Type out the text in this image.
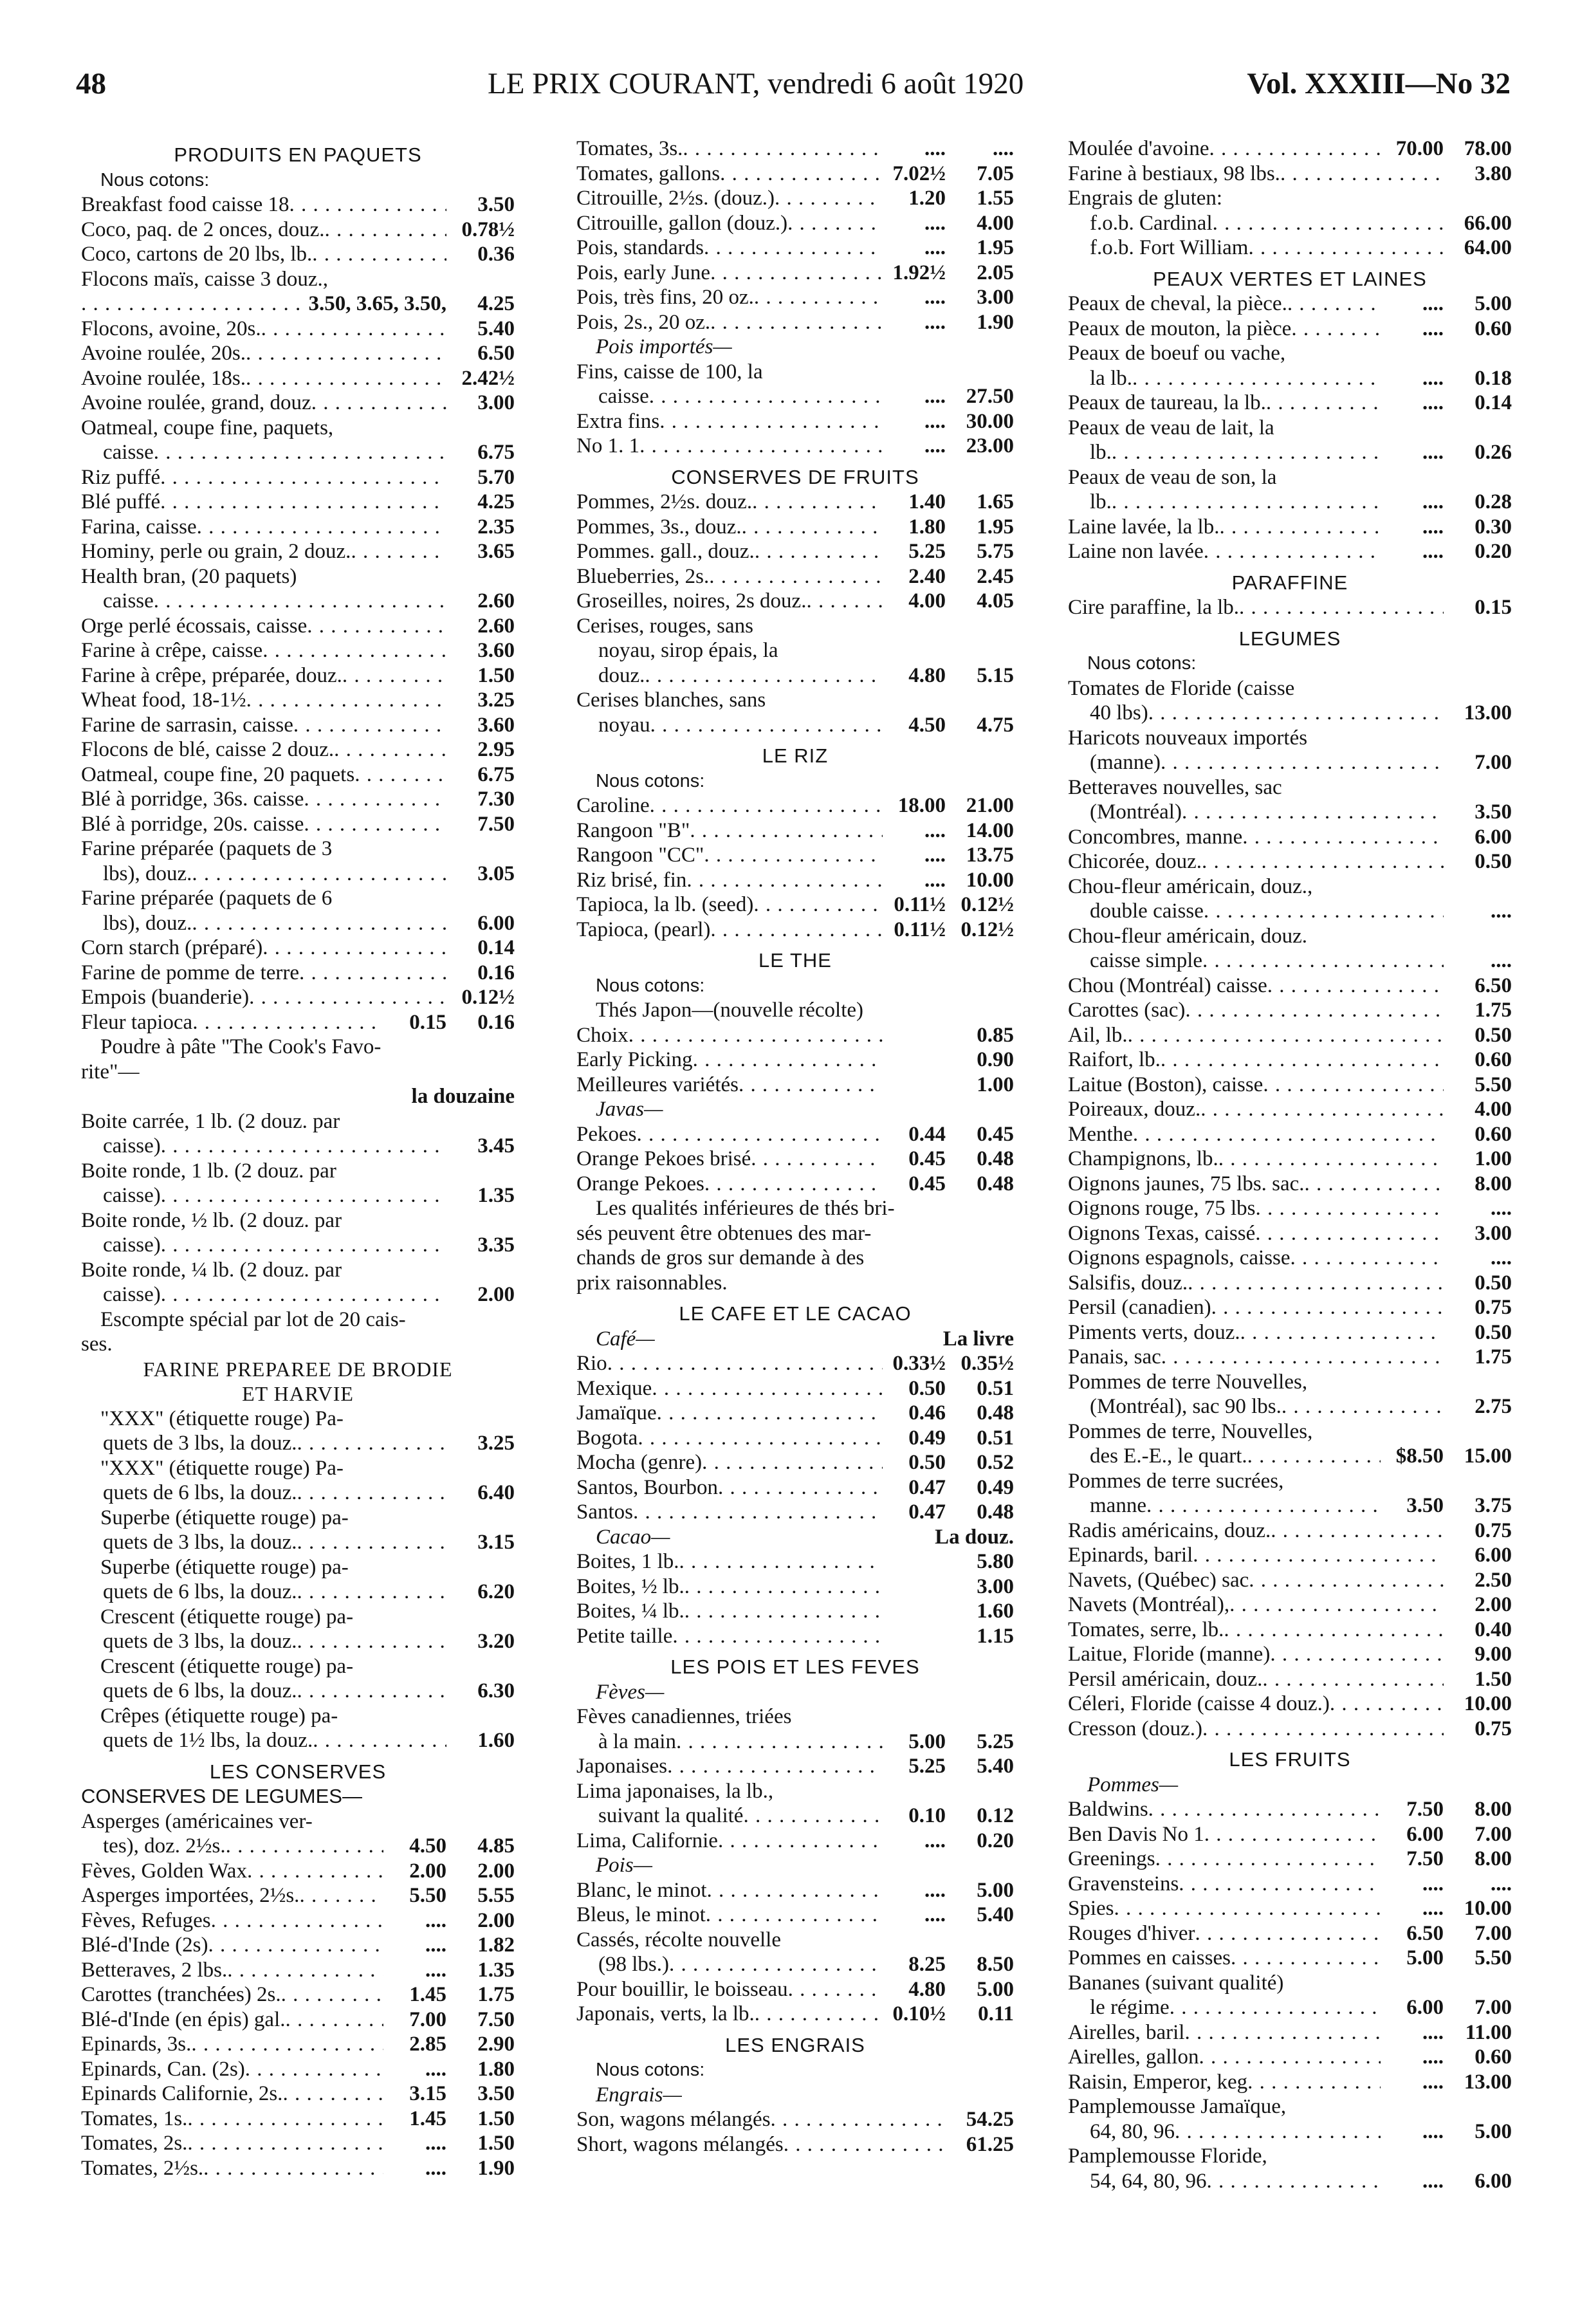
48	LE PRIX COURANT, vendredi 6 août 1920	Vol. XXXIII—No 32
PRODUITS EN PAQUETS
Nous cotons:
Breakfast food caisse 18 . . .	3.50
Coco, paq. de 2 onces, douz. . . .	0.78½
Coco, cartons de 20 lbs, lb. . . .	0.36
Flocons maïs, caisse 3 douz.,
. . .
3.50, 3.65, 3.50,	4.25
Flocons, avoine, 20s. . . .	5.40
Avoine roulée, 20s. . . .	6.50
Avoine roulée, 18s. . . .	2.42½
Avoine roulée, grand, douz . . .	3.00
Oatmeal, coupe fine, paquets,
caisse . . .	6.75
Riz puffé . . .	5.70
Blé puffé . . .	4.25
Farina, caisse . . .	2.35
Hominy, perle ou grain, 2 douz. . . .	3.65
Health bran, (20 paquets)
caisse . . .	2.60
Orge perlé écossais, caisse . . .	2.60
Farine à crêpe, caisse . . .	3.60
Farine à crêpe, préparée, douz. . . .	1.50
Wheat food, 18-1½ . . .	3.25
Farine de sarrasin, caisse . . .	3.60
Flocons de blé, caisse 2 douz. . . .	2.95
Oatmeal, coupe fine, 20 paquets . . .	6.75
Blé à porridge, 36s. caisse . . .	7.30
Blé à porridge, 20s. caisse . . .	7.50
Farine préparée (paquets de 3
lbs), douz. . . .	3.05
Farine préparée (paquets de 6
lbs), douz. . . .	6.00
Corn starch (préparé) . . .	0.14
Farine de pomme de terre . . .	0.16
Empois (buanderie) . . .	0.12½
Fleur tapioca . . .	0.15	0.16
Poudre à pâte "The Cook's Favo-
rite"—
la douzaine
Boite carrée, 1 lb. (2 douz. par
caisse) . . .	3.45
Boite ronde, 1 lb. (2 douz. par
caisse) . . .	1.35
Boite ronde, ½ lb. (2 douz. par
caisse) . . .	3.35
Boite ronde, ¼ lb. (2 douz. par
caisse) . . .	2.00
Escompte spécial par lot de 20 cais-
ses.
FARINE PREPAREE DE BRODIE
ET HARVIE
"XXX" (étiquette rouge) Pa-
quets de 3 lbs, la douz. . . .	3.25
"XXX" (étiquette rouge) Pa-
quets de 6 lbs, la douz. . . .	6.40
Superbe (étiquette rouge) pa-
quets de 3 lbs, la douz. . . .	3.15
Superbe (étiquette rouge) pa-
quets de 6 lbs, la douz. . . .	6.20
Crescent (étiquette rouge) pa-
quets de 3 lbs, la douz. . . .	3.20
Crescent (étiquette rouge) pa-
quets de 6 lbs, la douz. . . .	6.30
Crêpes (étiquette rouge) pa-
quets de 1½ lbs, la douz. . . .	1.60
LES CONSERVES
CONSERVES DE LEGUMES—
Asperges (américaines ver-
tes), doz. 2½s. . . .	4.50	4.85
Fèves, Golden Wax . . .	2.00	2.00
Asperges importées, 2½s. . . .	5.50	5.55
Fèves, Refuges . . .	....	2.00
Blé-d'Inde (2s) . . .	....	1.82
Betteraves, 2 lbs. . . .	....	1.35
Carottes (tranchées) 2s. . . .	1.45	1.75
Blé-d'Inde (en épis) gal. . . .	7.00	7.50
Epinards, 3s. . . .	2.85	2.90
Epinards, Can. (2s) . . .	....	1.80
Epinards Californie, 2s. . . .	3.15	3.50
Tomates, 1s. . . .	1.45	1.50
Tomates, 2s. . . .	....	1.50
Tomates, 2½s. . . .	....	1.90
Tomates, 3s. . . .	....	....
Tomates, gallons . . .	7.02½	7.05
Citrouille, 2½s. (douz.) . . .	1.20	1.55
Citrouille, gallon (douz.) . . .	....	4.00
Pois, standards . . .	....	1.95
Pois, early June . . .	1.92½	2.05
Pois, très fins, 20 oz. . . .	....	3.00
Pois, 2s., 20 oz. . . .	....	1.90
Pois importés—
Fins, caisse de 100, la
caisse . . .	.... 27.50
Extra fins . . .	.... 30.00
No 1. 1 . . .	.... 23.00
CONSERVES DE FRUITS
Pommes, 2½s. douz. . . .	1.40	1.65
Pommes, 3s., douz. . . .	1.80	1.95
Pommes. gall., douz. . . .	5.25	5.75
Blueberries, 2s. . . .	2.40	2.45
Groseilles, noires, 2s douz. . . .	4.00	4.05
Cerises, rouges, sans
noyau, sirop épais, la
douz. . . .	4.80	5.15
Cerises blanches, sans
noyau . . .	4.50	4.75
LE RIZ
Nous cotons:
Caroline . . .	18.00 21.00
Rangoon "B" . . .	.... 14.00
Rangoon "CC" . . .	.... 13.75
Riz brisé, fin . . .	.... 10.00
Tapioca, la lb. (seed) . . .	0.11½ 0.12½
Tapioca, (pearl) . . .	0.11½ 0.12½
LE THE
Nous cotons:
Thés Japon—(nouvelle récolte)
Choix . . .	0.85
Early Picking . . .	0.90
Meilleures variétés . . .	1.00
Javas—
Pekoes . . .	0.44	0.45
Orange Pekoes brisé . . .	0.45	0.48
Orange Pekoes . . .	0.45	0.48
Les qualités inférieures de thés bri-
sés peuvent être obtenues des mar-
chands de gros sur demande à des
prix raisonnables.
LE CAFE ET LE CACAO
Café—	La livre
Rio . . .	0.33½ 0.35½
Mexique . . .	0.50	0.51
Jamaïque . . .	0.46	0.48
Bogota . . .	0.49	0.51
Mocha (genre) . . .	0.50	0.52
Santos, Bourbon . . .	0.47	0.49
Santos . . .	0.47	0.48
Cacao—	La douz.
Boites, 1 lb. . . .	5.80
Boites, ½ lb. . . .	3.00
Boites, ¼ lb. . . .	1.60
Petite taille . . .	1.15
LES POIS ET LES FEVES
Fèves—
Fèves canadiennes, triées
à la main . . .	5.00	5.25
Japonaises . . .	5.25	5.40
Lima japonaises, la lb.,
suivant la qualité . . .	0.10	0.12
Lima, Californie . . .	....	0.20
Pois—
Blanc, le minot . . .	....	5.00
Bleus, le minot . . .	....	5.40
Cassés, récolte nouvelle
(98 lbs.) . . .	8.25	8.50
Pour bouillir, le boisseau . . .	4.80	5.00
Japonais, verts, la lb. . . .	0.10½	0.11
LES ENGRAIS
Nous cotons:
Engrais—
Son, wagons mélangés . . .	54.25
Short, wagons mélangés . . .	61.25
Moulée d'avoine . . .	70.00 78.00
Farine à bestiaux, 98 lbs. . . .	3.80
Engrais de gluten:
f.o.b. Cardinal . . .	66.00
f.o.b. Fort William . . .	64.00
PEAUX VERTES ET LAINES
Peaux de cheval, la pièce. . . .	....	5.00
Peaux de mouton, la pièce . . .	....	0.60
Peaux de boeuf ou vache,
la lb. . . .	....	0.18
Peaux de taureau, la lb. . . .	....	0.14
Peaux de veau de lait, la
lb. . . .	....	0.26
Peaux de veau de son, la
lb. . . .	....	0.28
Laine lavée, la lb. . . .	....	0.30
Laine non lavée . . .	....	0.20
PARAFFINE
Cire paraffine, la lb. . . .	0.15
LEGUMES
Nous cotons:
Tomates de Floride (caisse
40 lbs) . . .	13.00
Haricots nouveaux importés
(manne) . . .	7.00
Betteraves nouvelles, sac
(Montréal) . . .	3.50
Concombres, manne . . .	6.00
Chicorée, douz. . . .	0.50
Chou-fleur américain, douz.,
double caisse . . .	....
Chou-fleur américain, douz.
caisse simple . . .	....
Chou (Montréal) caisse . . .	6.50
Carottes (sac) . . .	1.75
Ail, lb. . . .	0.50
Raifort, lb. . . .	0.60
Laitue (Boston), caisse . . .	5.50
Poireaux, douz. . . .	4.00
Menthe . . .	0.60
Champignons, lb. . . .	1.00
Oignons jaunes, 75 lbs. sac. . . .	8.00
Oignons rouge, 75 lbs . . .	....
Oignons Texas, caissé . . .	3.00
Oignons espagnols, caisse . . .	....
Salsifis, douz. . . .	0.50
Persil (canadien) . . .	0.75
Piments verts, douz. . . .	0.50
Panais, sac . . .	1.75
Pommes de terre Nouvelles,
(Montréal), sac 90 lbs. . . .	2.75
Pommes de terre, Nouvelles,
des E.-E., le quart. . . .	$8.50 15.00
Pommes de terre sucrées,
manne . . .	3.50	3.75
Radis américains, douz. . . .	0.75
Epinards, baril . . .	6.00
Navets, (Québec) sac . . .	2.50
Navets (Montréal), . . .	2.00
Tomates, serre, lb. . . .	0.40
Laitue, Floride (manne) . . .	9.00
Persil américain, douz. . . .	1.50
Céleri, Floride (caisse 4 douz.) . . .	10.00
Cresson (douz.) . . .	0.75
LES FRUITS
Pommes—
Baldwins . . .	7.50	8.00
Ben Davis No 1 . . .	6.00	7.00
Greenings . . .	7.50	8.00
Gravensteins . . .	....	....
Spies . . .	.... 10.00
Rouges d'hiver . . .	6.50	7.00
Pommes en caisses . . .	5.00	5.50
Bananes (suivant qualité)
le régime . . .	6.00	7.00
Airelles, baril . . .	....	11.00
Airelles, gallon . . .	....	0.60
Raisin, Emperor, keg . . .	.... 13.00
Pamplemousse Jamaïque,
64, 80, 96 . . .	....	5.00
Pamplemousse Floride,
54, 64, 80, 96 . . .	....	6.00
